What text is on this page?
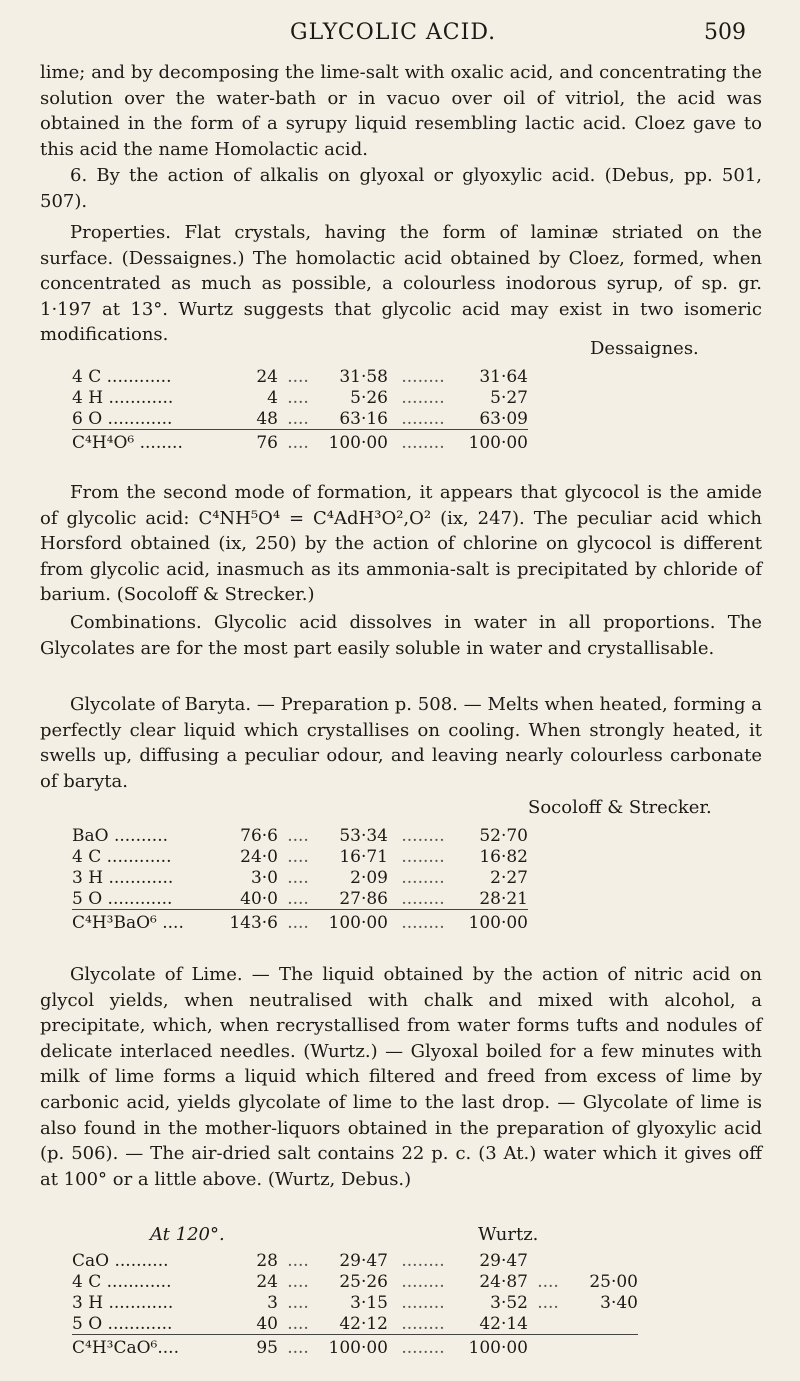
GLYCOLIC ACID.	509

lime; and by decomposing the lime-salt with oxalic acid, and concentrating the solution over the water-bath or in vacuo over oil of vitriol, the acid was obtained in the form of a syrupy liquid resembling lactic acid. Cloez gave to this acid the name Homolactic acid.

6. By the action of alkalis on glyoxal or glyoxylic acid. (Debus, pp. 501, 507).

Properties. Flat crystals, having the form of laminæ striated on the surface. (Dessaignes.) The homolactic acid obtained by Cloez, formed, when concentrated as much as possible, a colourless inodorous syrup, of sp. gr. 1·197 at 13°. Wurtz suggests that glycolic acid may exist in two isomeric modifications.

Dessaignes.
4 C ............	24	....	31·58	........	31·64
4 H ............	4	....	5·26	........	5·27
6 O ............	48	....	63·16	........	63·09
C⁴H⁴O⁶ ........	76	....	100·00	........	100·00

From the second mode of formation, it appears that glycocol is the amide of glycolic acid: C⁴NH⁵O⁴ = C⁴AdH³O²,O² (ix, 247). The peculiar acid which Horsford obtained (ix, 250) by the action of chlorine on glycocol is different from glycolic acid, inasmuch as its ammonia-salt is precipitated by chloride of barium. (Socoloff & Strecker.)

Combinations. Glycolic acid dissolves in water in all proportions. The Glycolates are for the most part easily soluble in water and crystallisable.

Glycolate of Baryta. — Preparation p. 508. — Melts when heated, forming a perfectly clear liquid which crystallises on cooling. When strongly heated, it swells up, diffusing a peculiar odour, and leaving nearly colourless carbonate of baryta.

Socoloff & Strecker.
BaO ..........	76·6	....	53·34	........	52·70
4 C ............	24·0	....	16·71	........	16·82
3 H ............	3·0	....	2·09	........	2·27
5 O ............	40·0	....	27·86	........	28·21
C⁴H³BaO⁶ ....	143·6	....	100·00	........	100·00

Glycolate of Lime. — The liquid obtained by the action of nitric acid on glycol yields, when neutralised with chalk and mixed with alcohol, a precipitate, which, when recrystallised from water forms tufts and nodules of delicate interlaced needles. (Wurtz.) — Glyoxal boiled for a few minutes with milk of lime forms a liquid which filtered and freed from excess of lime by carbonic acid, yields glycolate of lime to the last drop. — Glycolate of lime is also found in the mother-liquors obtained in the preparation of glyoxylic acid (p. 506). — The air-dried salt contains 22 p. c. (3 At.) water which it gives off at 100° or a little above. (Wurtz, Debus.)

At 120°.	Wurtz.
CaO ..........	28	....	29·47	........	29·47		
4 C ............	24	....	25·26	........	24·87	....	25·00
3 H ............	3	....	3·15	........	3·52	....	3·40
5 O ............	40	....	42·12	........	42·14		
C⁴H³CaO⁶....	95	....	100·00	........	100·00		
